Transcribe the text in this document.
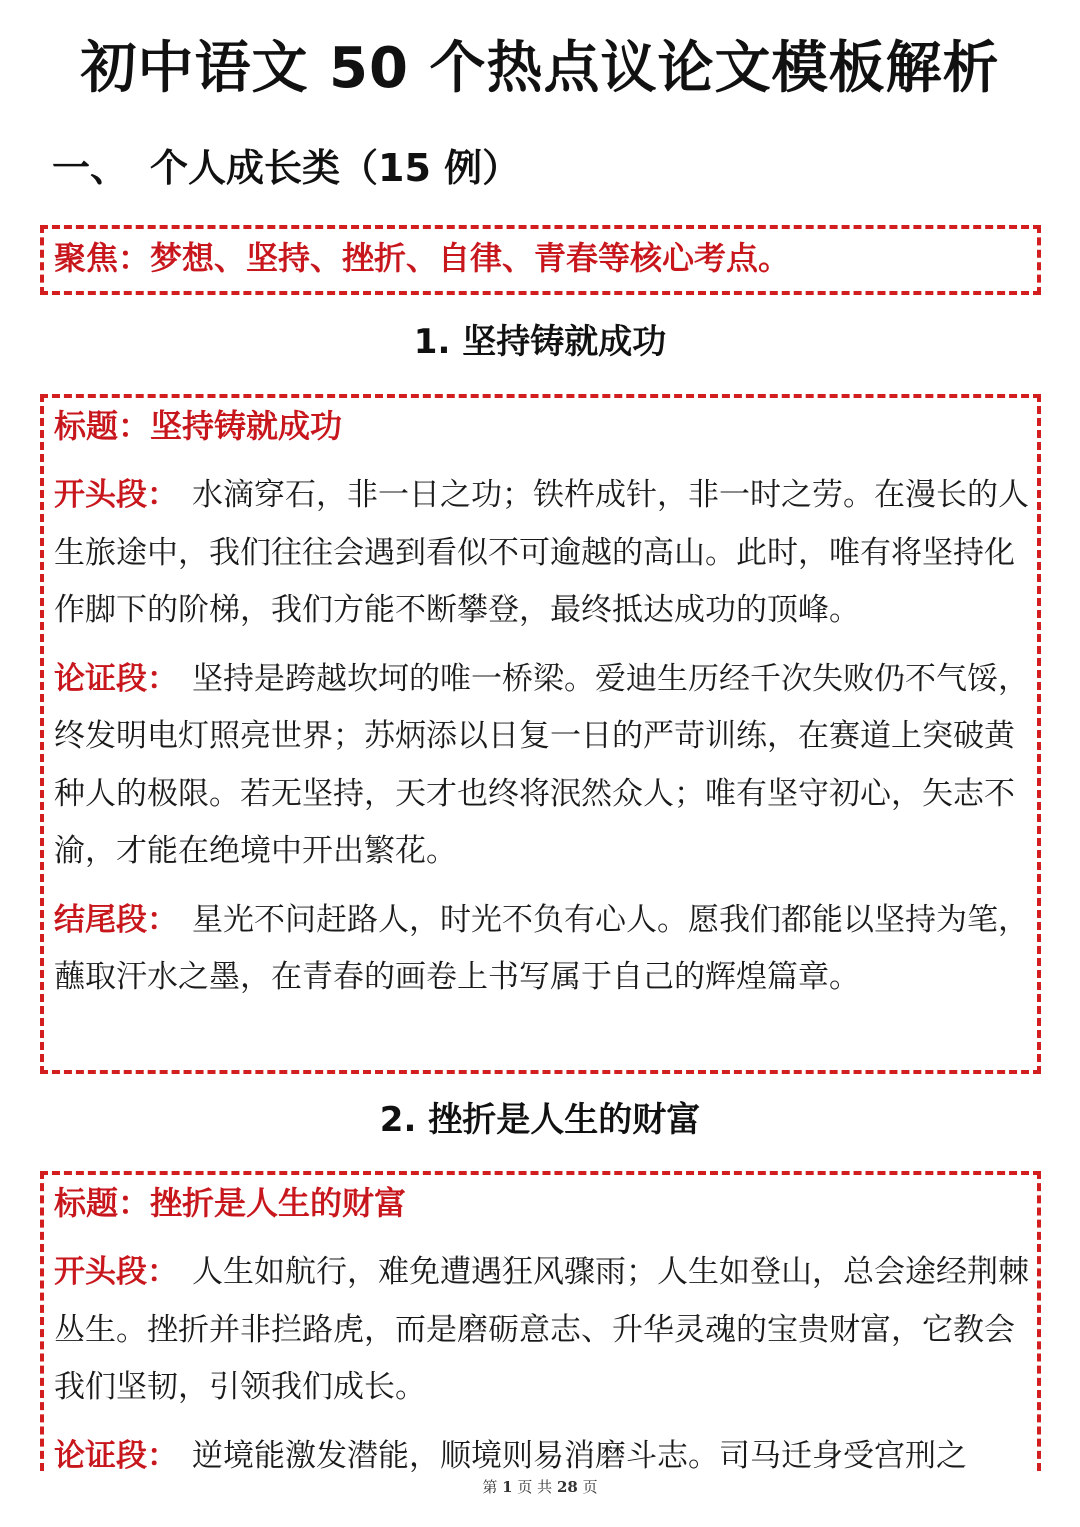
初中语文 50 个热点议论文模板解析
一、 个人成长类（15 例）

聚焦：梦想、坚持、挫折、自律、青春等核心考点。

1. 坚持铸就成功

标题：坚持铸就成功

开头段： 水滴穿石，非一日之功；铁杵成针，非一时之劳。在漫长的人生旅途中，我们往往会遇到看似不可逾越的高山。此时，唯有将坚持化作脚下的阶梯，我们方能不断攀登，最终抵达成功的顶峰。

论证段： 坚持是跨越坎坷的唯一桥梁。爱迪生历经千次失败仍不气馁，终发明电灯照亮世界；苏炳添以日复一日的严苛训练，在赛道上突破黄种人的极限。若无坚持，天才也终将泯然众人；唯有坚守初心，矢志不渝，才能在绝境中开出繁花。

结尾段： 星光不问赶路人，时光不负有心人。愿我们都能以坚持为笔，蘸取汗水之墨，在青春的画卷上书写属于自己的辉煌篇章。

2. 挫折是人生的财富

标题：挫折是人生的财富

开头段： 人生如航行，难免遭遇狂风骤雨；人生如登山，总会途经荆棘丛生。挫折并非拦路虎，而是磨砺意志、升华灵魂的宝贵财富，它教会我们坚韧，引领我们成长。

论证段： 逆境能激发潜能，顺境则易消磨斗志。司马迁身受宫刑之

第 1 页 共 28 页
